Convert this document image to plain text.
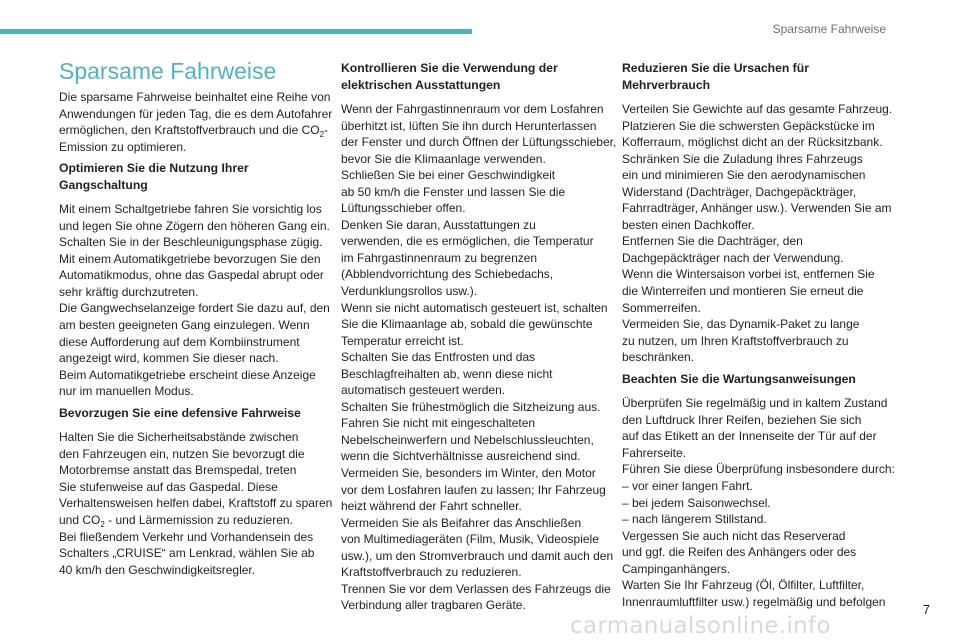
Sparsame Fahrweise
Sparsame Fahrweise
Die sparsame Fahrweise beinhaltet eine Reihe von
Anwendungen für jeden Tag, die es dem Autofahrer
ermöglichen, den Kraftstoffverbrauch und die $CO_2-$
Emission zu optimieren.
Optimieren Sie die Nutzung Ihrer
Gangschaltung
Mit einem Schaltgetriebe fahren Sie vorsichtig los
und legen Sie ohne Zögern den höheren Gang ein.
Schalten Sie in der Beschleunigungsphase zügig.
Mit einem Automatikgetriebe bevorzugen Sie den
Automatikmodus, ohne das Gaspedal abrupt oder
sehr kräftig durchzutreten.
Die Gangwechselanzeige fordert Sie dazu auf, den
am besten geeigneten Gang einzulegen. Wenn
diese Aufforderung auf dem Kombiinstrument
angezeigt wird, kommen Sie dieser nach.
Beim Automatikgetriebe erscheint diese Anzeige
nur im manuellen Modus.
Bevorzugen Sie eine defensive Fahrweise
Halten Sie die Sicherheitsabstände zwischen
den Fahrzeugen ein, nutzen Sie bevorzugt die
Motorbremse anstatt das Bremspedal, treten
Sie stufenweise auf das Gaspedal. Diese
Verhaltensweisen helfen dabei, Kraftstoff zu sparen
und $CO_2$ - und Lärmemission zu reduzieren.
Bei fließendem Verkehr und Vorhandensein des
Schalters „CRUISE“ am Lenkrad, wählen Sie ab
40 km/h den Geschwindigkeitsregler.
Kontrollieren Sie die Verwendung der
elektrischen Ausstattungen
Wenn der Fahrgastinnenraum vor dem Losfahren
überhitzt ist, lüften Sie ihn durch Herunterlassen
der Fenster und durch Öffnen der Lüftungsschieber,
bevor Sie die Klimaanlage verwenden.
Schließen Sie bei einer Geschwindigkeit
ab 50 km/h die Fenster und lassen Sie die
Lüftungsschieber offen.
Denken Sie daran, Ausstattungen zu
verwenden, die es ermöglichen, die Temperatur
im Fahrgastinnenraum zu begrenzen
(Abblendvorrichtung des Schiebedachs,
Verdunklungsrollos usw.).
Wenn sie nicht automatisch gesteuert ist, schalten
Sie die Klimaanlage ab, sobald die gewünschte
Temperatur erreicht ist.
Schalten Sie das Entfrosten und das
Beschlagfreihalten ab, wenn diese nicht
automatisch gesteuert werden.
Schalten Sie frühestmöglich die Sitzheizung aus.
Fahren Sie nicht mit eingeschalteten
Nebelscheinwerfern und Nebelschlussleuchten,
wenn die Sichtverhältnisse ausreichend sind.
Vermeiden Sie, besonders im Winter, den Motor
vor dem Losfahren laufen zu lassen; Ihr Fahrzeug
heizt während der Fahrt schneller.
Vermeiden Sie als Beifahrer das Anschließen
von Multimediageräten (Film, Musik, Videospiele
usw.), um den Stromverbrauch und damit auch den
Kraftstoffverbrauch zu reduzieren.
Trennen Sie vor dem Verlassen des Fahrzeugs die
Verbindung aller tragbaren Geräte.
Reduzieren Sie die Ursachen für
Mehrverbrauch
Verteilen Sie Gewichte auf das gesamte Fahrzeug.
Platzieren Sie die schwersten Gepäckstücke im
Kofferraum, möglichst dicht an der Rücksitzbank.
Schränken Sie die Zuladung Ihres Fahrzeugs
ein und minimieren Sie den aerodynamischen
Widerstand (Dachträger, Dachgepäckträger,
Fahrradträger, Anhänger usw.). Verwenden Sie am
besten einen Dachkoffer.
Entfernen Sie die Dachträger, den
Dachgepäckträger nach der Verwendung.
Wenn die Wintersaison vorbei ist, entfernen Sie
die Winterreifen und montieren Sie erneut die
Sommerreifen.
Vermeiden Sie, das Dynamik-Paket zu lange
zu nutzen, um Ihren Kraftstoffverbrauch zu
beschränken.
Beachten Sie die Wartungsanweisungen
Überprüfen Sie regelmäßig und in kaltem Zustand
den Luftdruck Ihrer Reifen, beziehen Sie sich
auf das Etikett an der Innenseite der Tür auf der
Fahrerseite.
Führen Sie diese Überprüfung insbesondere durch:
– vor einer langen Fahrt.
– bei jedem Saisonwechsel.
– nach längerem Stillstand.
Vergessen Sie auch nicht das Reserverad
und ggf. die Reifen des Anhängers oder des
Campinganhängers.
Warten Sie Ihr Fahrzeug (Öl, Ölfilter, Luftfilter,
Innenraumluftfilter usw.) regelmäßig und befolgen
7
carmanualsonline.info
